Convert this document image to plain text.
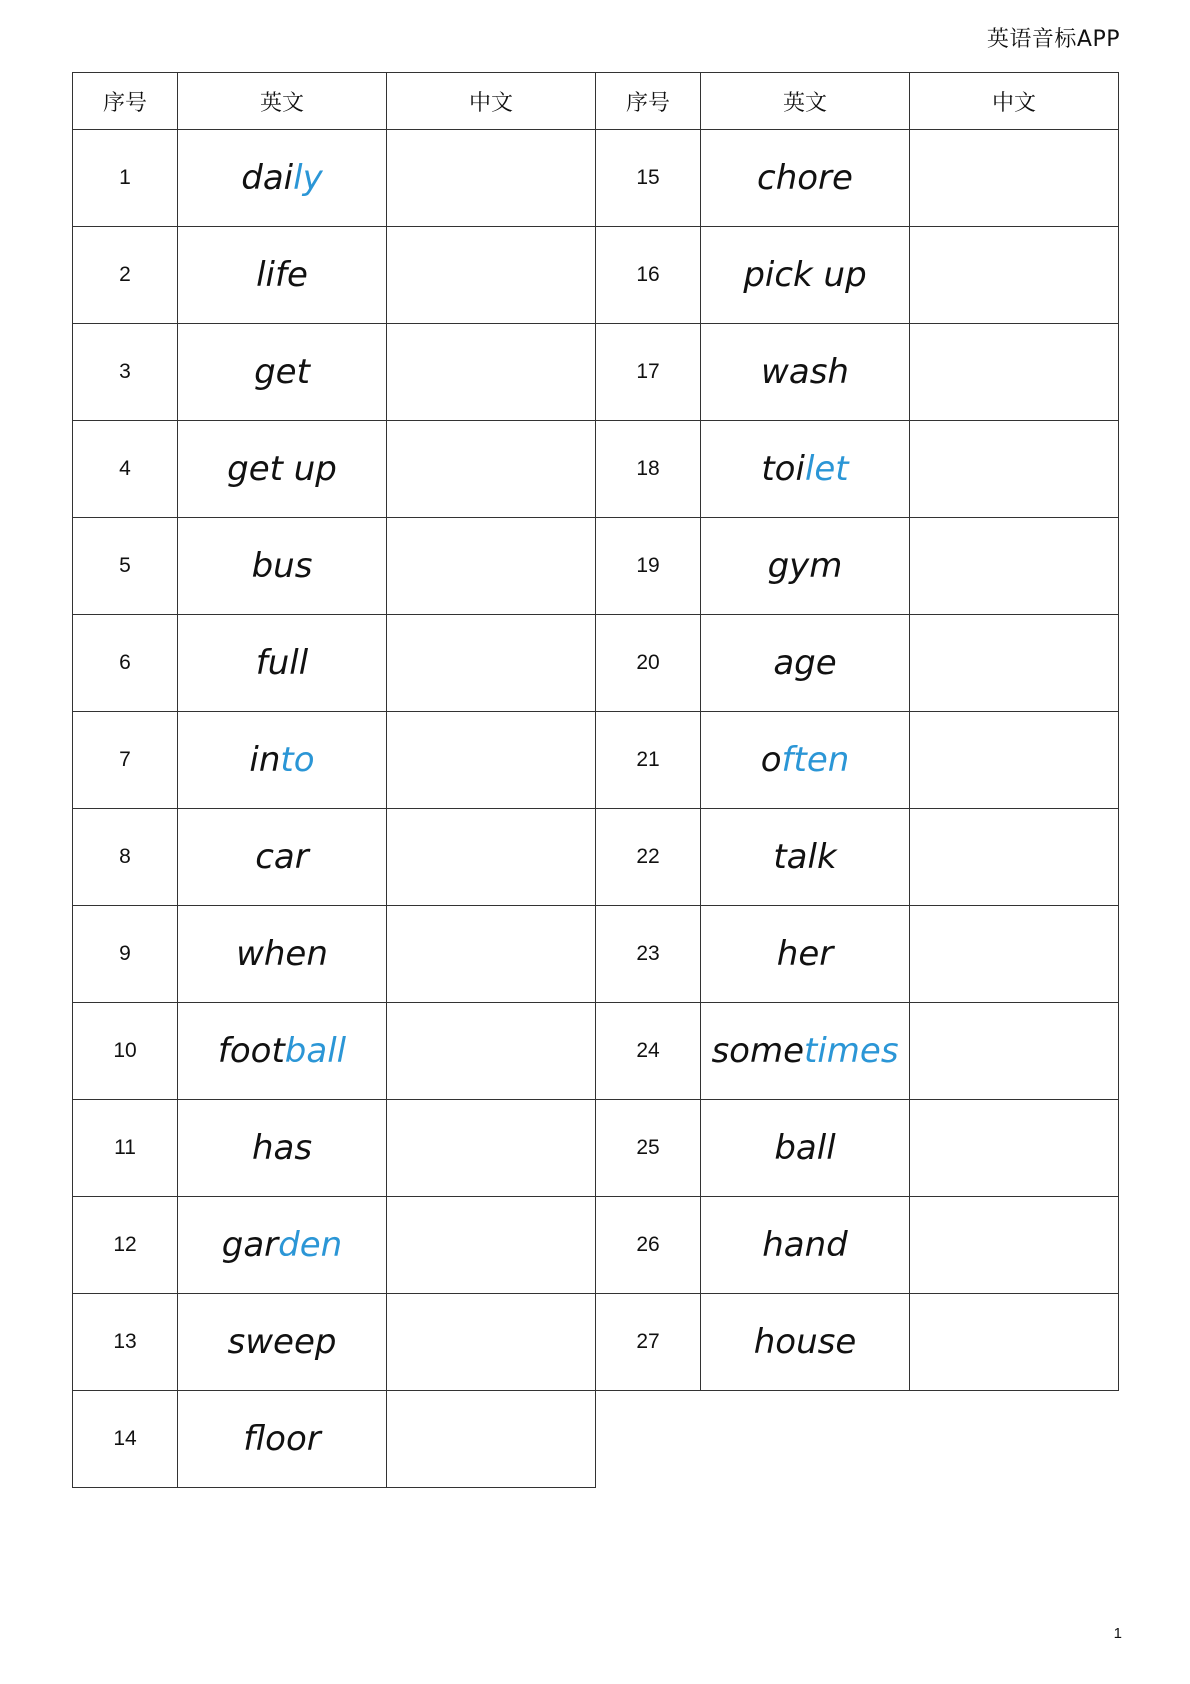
英语音标APP
序号	英文	中文	序号	英文	中文
1	daily		15	chore	
2	life		16	pick up	
3	get		17	wash	
4	get up		18	toilet	
5	bus		19	gym	
6	full		20	age	
7	into		21	often	
8	car		22	talk	
9	when		23	her	
10	football		24	sometimes	
11	has		25	ball	
12	garden		26	hand	
13	sweep		27	house	
14	floor				
1
